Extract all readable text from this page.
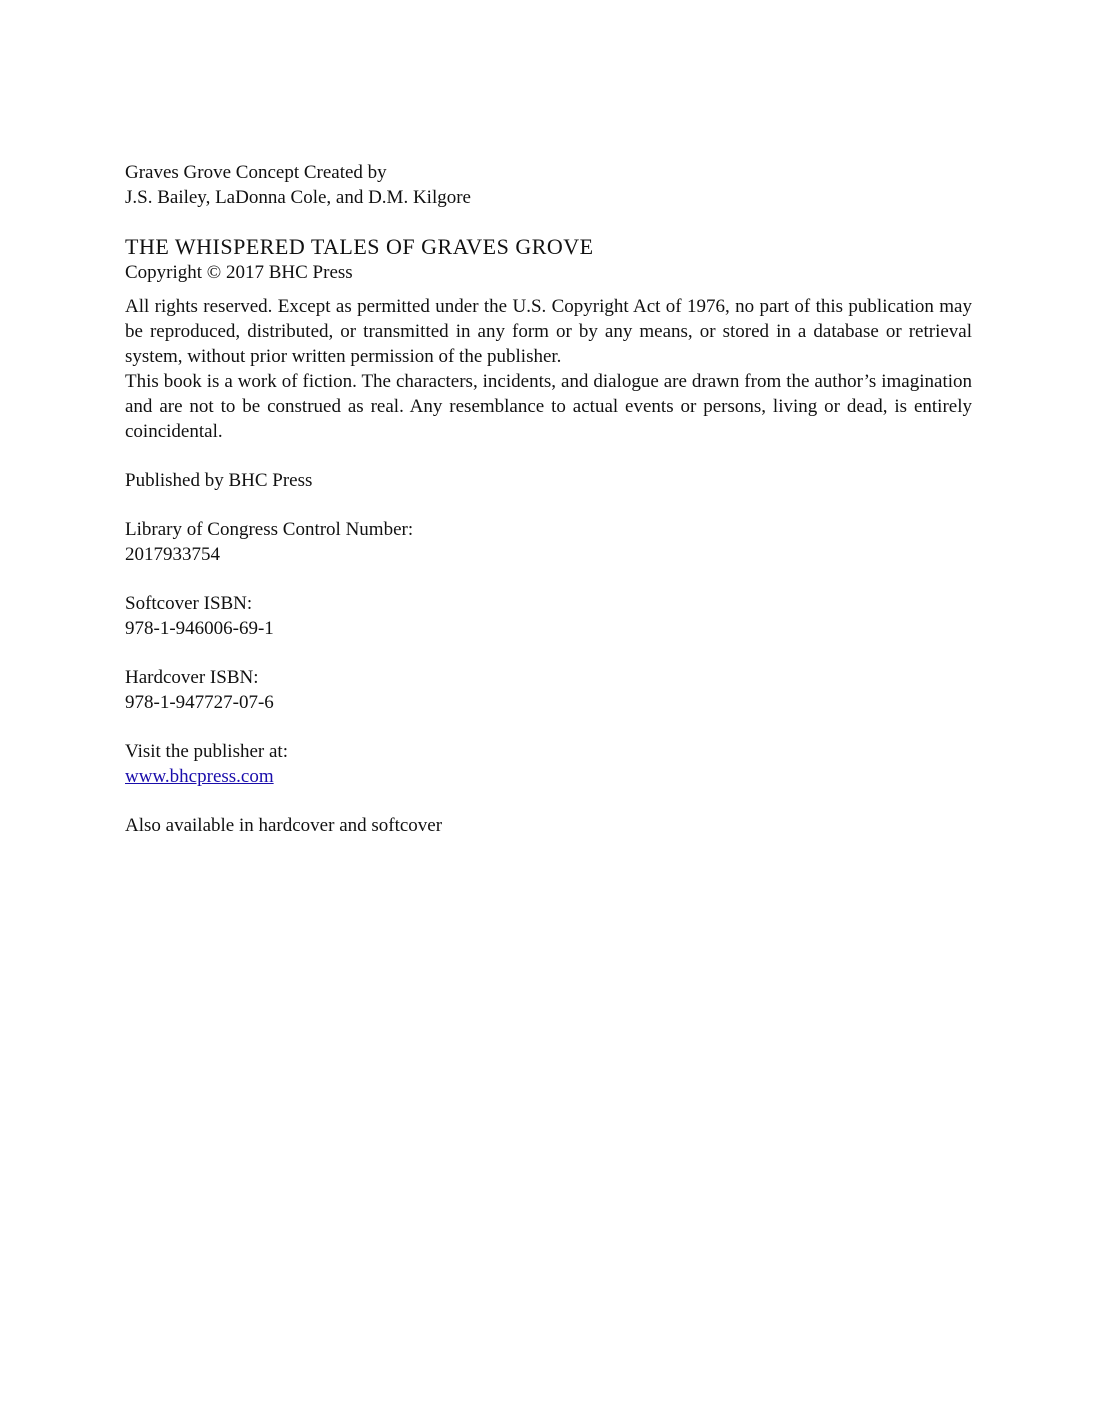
Graves Grove Concept Created by

J.S. Bailey, LaDonna Cole, and D.M. Kilgore

THE WHISPERED TALES OF GRAVES GROVE

Copyright © 2017 BHC Press

All rights reserved. Except as permitted under the U.S. Copyright Act of 1976, no part of this publication may be reproduced, distributed, or transmitted in any form or by any means, or stored in a database or retrieval system, without prior written permission of the publisher.

This book is a work of fiction. The characters, incidents, and dialogue are drawn from the author’s imagination and are not to be construed as real. Any resemblance to actual events or persons, living or dead, is entirely coincidental.

Published by BHC Press

Library of Congress Control Number:

2017933754

Softcover ISBN:

978-1-946006-69-1

Hardcover ISBN:

978-1-947727-07-6

Visit the publisher at:

www.bhcpress.com

Also available in hardcover and softcover
